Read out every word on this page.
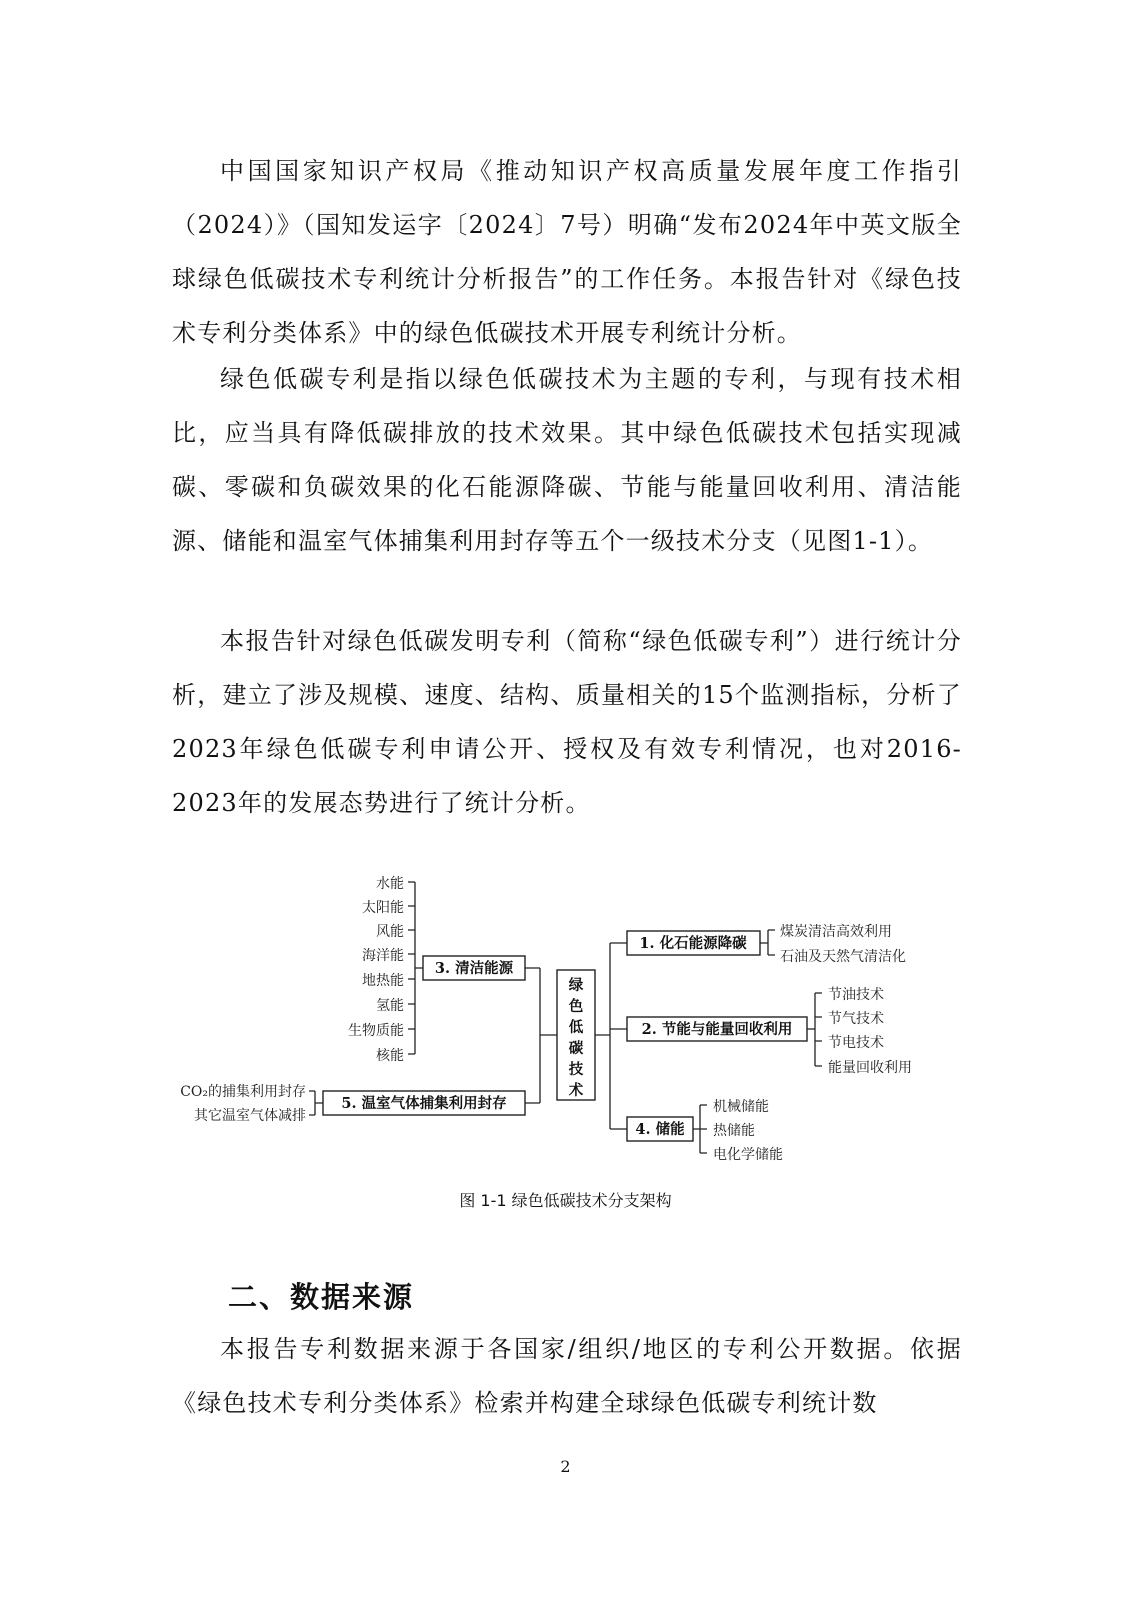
中国国家知识产权局《推动知识产权高质量发展年度工作指引（2024）》（国知发运字〔2024〕7号）明确“发布2024年中英文版全球绿色低碳技术专利统计分析报告”的工作任务。本报告针对《绿色技术专利分类体系》中的绿色低碳技术开展专利统计分析。

绿色低碳专利是指以绿色低碳技术为主题的专利，与现有技术相比，应当具有降低碳排放的技术效果。其中绿色低碳技术包括实现减碳、零碳和负碳效果的化石能源降碳、节能与能量回收利用、清洁能源、储能和温室气体捕集利用封存等五个一级技术分支（见图1-1）。

本报告针对绿色低碳发明专利（简称“绿色低碳专利”）进行统计分析，建立了涉及规模、速度、结构、质量相关的15个监测指标，分析了2023年绿色低碳专利申请公开、授权及有效专利情况，也对2016-2023年的发展态势进行了统计分析。

绿
色
低
碳
技
术
3. 清洁能源
水能
太阳能
风能
海洋能
地热能
氢能
生物质能
核能
5. 温室气体捕集利用封存
CO₂的捕集利用封存
其它温室气体减排
1. 化石能源降碳
煤炭清洁高效利用
石油及天然气清洁化
2. 节能与能量回收利用
节油技术
节气技术
节电技术
能量回收利用
4. 储能
机械储能
热储能
电化学储能
图 1-1 绿色低碳技术分支架构
二、数据来源

本报告专利数据来源于各国家/组织/地区的专利公开数据。依据《绿色技术专利分类体系》检索并构建全球绿色低碳专利统计数

2
